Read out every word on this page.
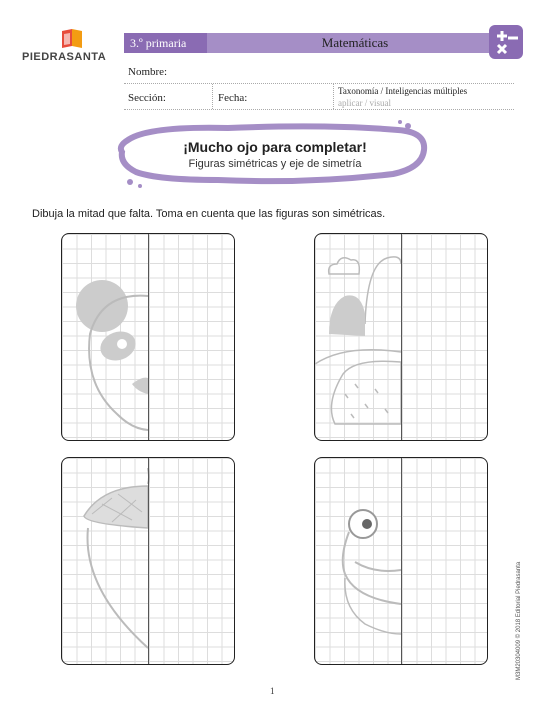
PIEDRASANTA
3.º primaria	Matemáticas
Nombre:
Sección:	Fecha:
Taxonomía / Inteligencias múltiples
aplicar / visual
¡Mucho ojo para completar!
Figuras simétricas y eje de simetría
Dibuja la mitad que falta. Toma en cuenta que las figuras son simétricas.
M3M20304009 © 2018 Editorial Piedrasanta
1
